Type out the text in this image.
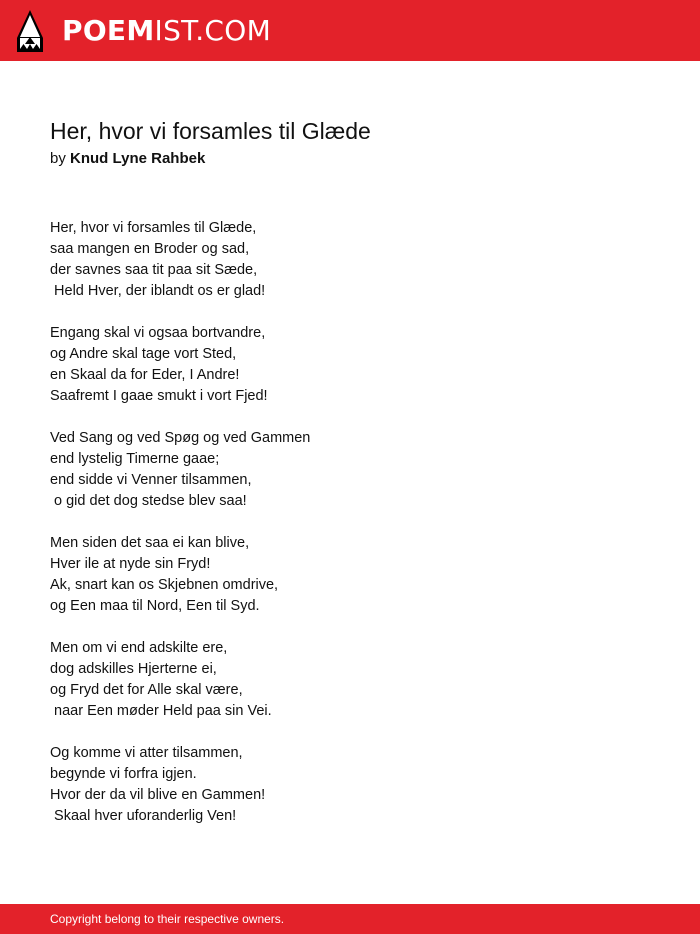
POEMIST.COM
Her, hvor vi forsamles til Glæde
by Knud Lyne Rahbek
Her, hvor vi forsamles til Glæde,
saa mangen en Broder og sad,
der savnes saa tit paa sit Sæde,
Held Hver, der iblandt os er glad!
Engang skal vi ogsaa bortvandre,
og Andre skal tage vort Sted,
en Skaal da for Eder, I Andre!
Saafremt I gaae smukt i vort Fjed!
Ved Sang og ved Spøg og ved Gammen
end lystelig Timerne gaae;
end sidde vi Venner tilsammen,
o gid det dog stedse blev saa!
Men siden det saa ei kan blive,
Hver ile at nyde sin Fryd!
Ak, snart kan os Skjebnen omdrive,
og Een maa til Nord, Een til Syd.
Men om vi end adskilte ere,
dog adskilles Hjerterne ei,
og Fryd det for Alle skal være,
naar Een møder Held paa sin Vei.
Og komme vi atter tilsammen,
begynde vi forfra igjen.
Hvor der da vil blive en Gammen!
Skaal hver uforanderlig Ven!
Copyright belong to their respective owners.
